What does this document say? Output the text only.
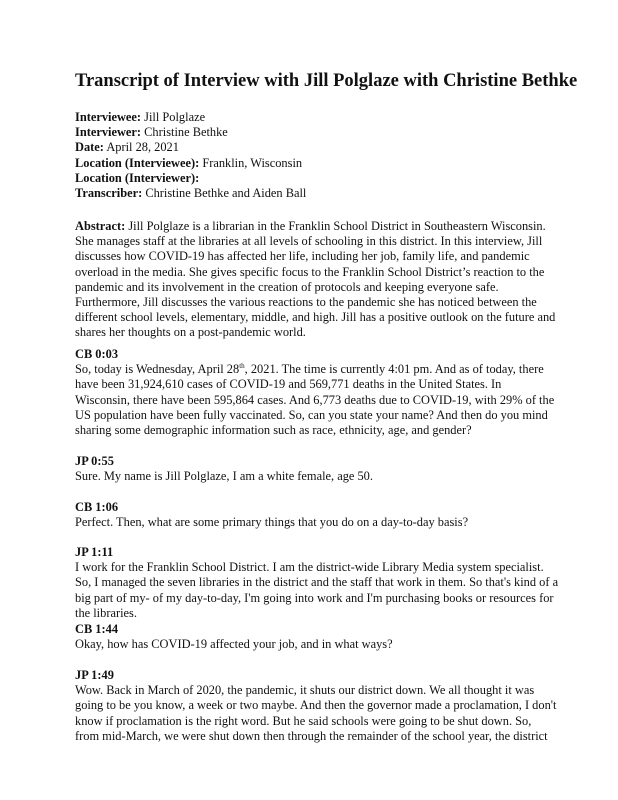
Transcript of Interview with Jill Polglaze with Christine Bethke
Interviewee: Jill Polglaze
Interviewer: Christine Bethke
Date: April 28, 2021
Location (Interviewee): Franklin, Wisconsin
Location (Interviewer):
Transcriber: Christine Bethke and Aiden Ball
Abstract: Jill Polglaze is a librarian in the Franklin School District in Southeastern Wisconsin.
She manages staff at the libraries at all levels of schooling in this district. In this interview, Jill
discusses how COVID-19 has affected her life, including her job, family life, and pandemic
overload in the media. She gives specific focus to the Franklin School District’s reaction to the
pandemic and its involvement in the creation of protocols and keeping everyone safe.
Furthermore, Jill discusses the various reactions to the pandemic she has noticed between the
different school levels, elementary, middle, and high. Jill has a positive outlook on the future and
shares her thoughts on a post-pandemic world.
CB 0:03
So, today is Wednesday, April 28th, 2021. The time is currently 4:01 pm. And as of today, there
have been 31,924,610 cases of COVID-19 and 569,771 deaths in the United States. In
Wisconsin, there have been 595,864 cases. And 6,773 deaths due to COVID-19, with 29% of the
US population have been fully vaccinated. So, can you state your name? And then do you mind
sharing some demographic information such as race, ethnicity, age, and gender?
JP 0:55
Sure. My name is Jill Polglaze, I am a white female, age 50.
CB 1:06
Perfect. Then, what are some primary things that you do on a day-to-day basis?
JP 1:11
I work for the Franklin School District. I am the district-wide Library Media system specialist.
So, I managed the seven libraries in the district and the staff that work in them. So that's kind of a
big part of my- of my day-to-day, I'm going into work and I'm purchasing books or resources for
the libraries.
CB 1:44
Okay, how has COVID-19 affected your job, and in what ways?
JP 1:49
Wow. Back in March of 2020, the pandemic, it shuts our district down. We all thought it was
going to be you know, a week or two maybe. And then the governor made a proclamation, I don't
know if proclamation is the right word. But he said schools were going to be shut down. So,
from mid-March, we were shut down then through the remainder of the school year, the district
